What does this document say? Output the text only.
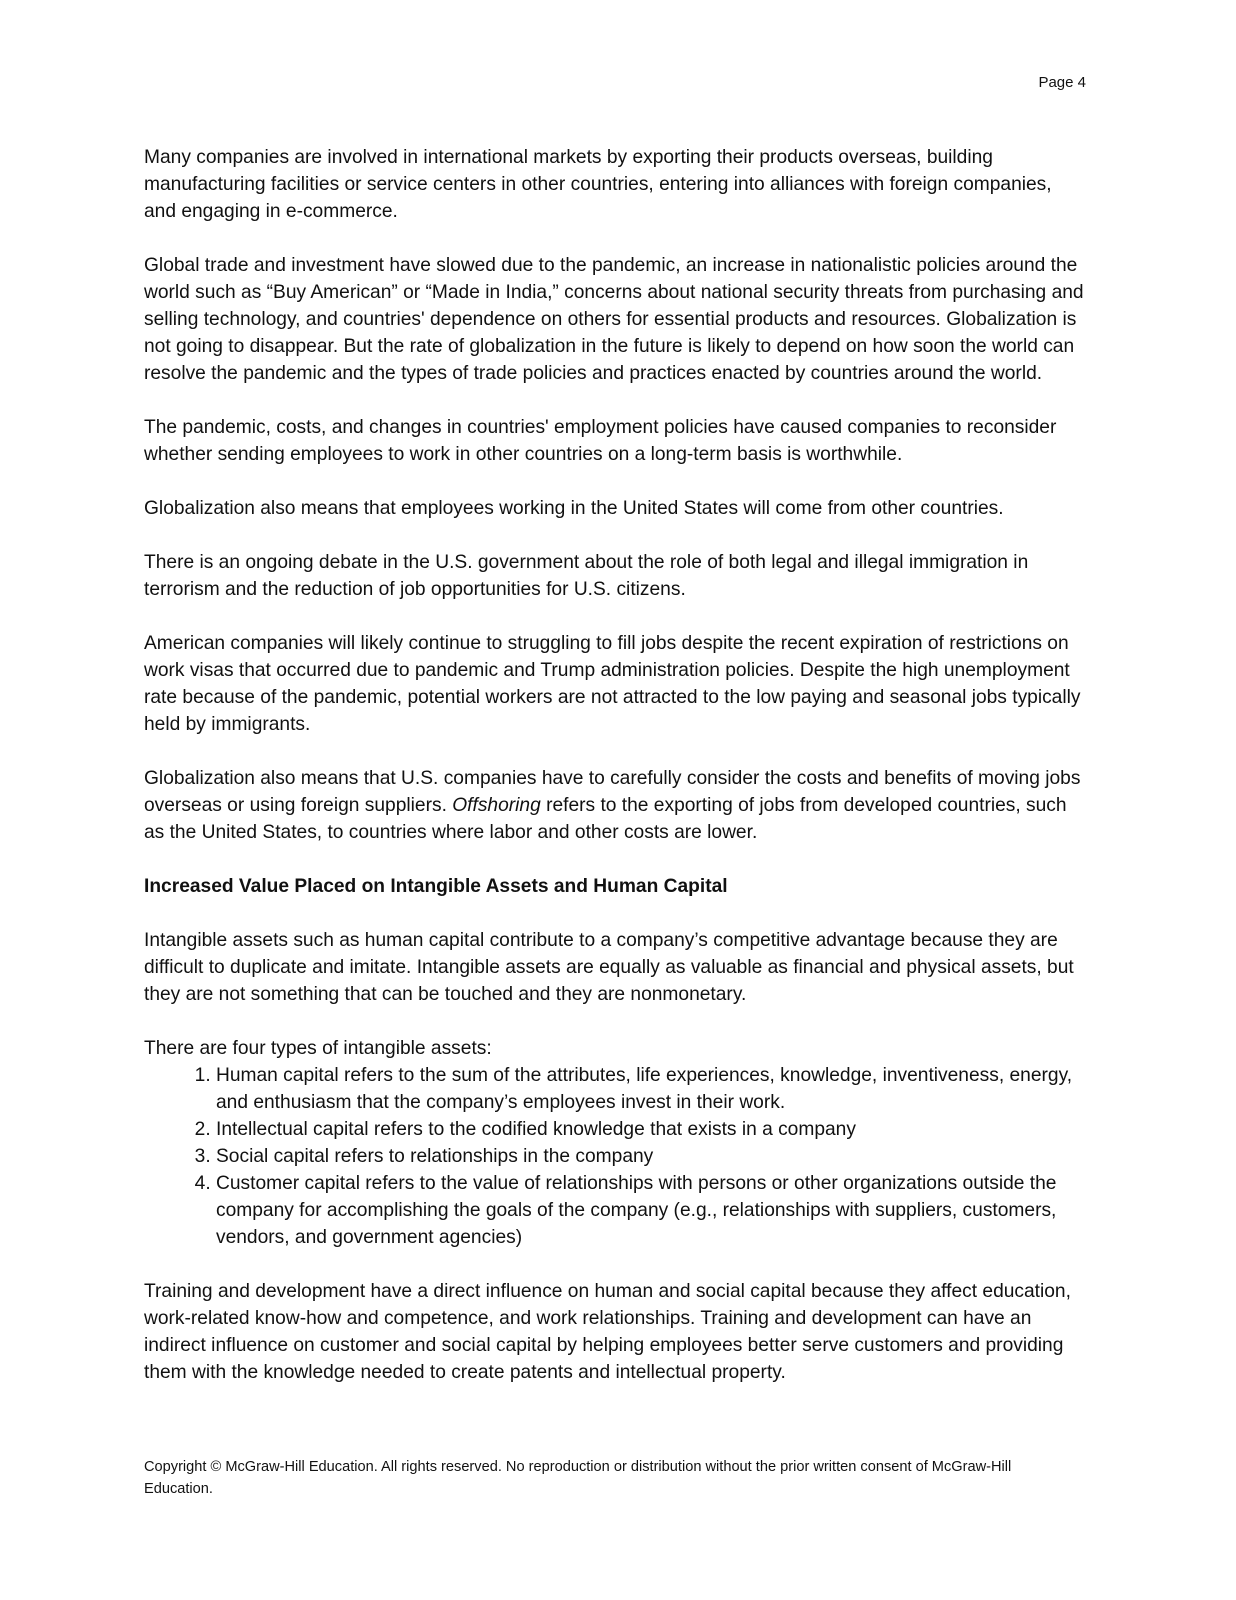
Page 4

Many companies are involved in international markets by exporting their products overseas, building manufacturing facilities or service centers in other countries, entering into alliances with foreign companies, and engaging in e-commerce.

Global trade and investment have slowed due to the pandemic, an increase in nationalistic policies around the world such as “Buy American” or “Made in India,” concerns about national security threats from purchasing and selling technology, and countries' dependence on others for essential products and resources. Globalization is not going to disappear. But the rate of globalization in the future is likely to depend on how soon the world can resolve the pandemic and the types of trade policies and practices enacted by countries around the world.

The pandemic, costs, and changes in countries' employment policies have caused companies to reconsider whether sending employees to work in other countries on a long-term basis is worthwhile.

Globalization also means that employees working in the United States will come from other countries.

There is an ongoing debate in the U.S. government about the role of both legal and illegal immigration in terrorism and the reduction of job opportunities for U.S. citizens.

American companies will likely continue to struggling to fill jobs despite the recent expiration of restrictions on work visas that occurred due to pandemic and Trump administration policies. Despite the high unemployment rate because of the pandemic, potential workers are not attracted to the low paying and seasonal jobs typically held by immigrants.

Globalization also means that U.S. companies have to carefully consider the costs and benefits of moving jobs overseas or using foreign suppliers. Offshoring refers to the exporting of jobs from developed countries, such as the United States, to countries where labor and other costs are lower.

Increased Value Placed on Intangible Assets and Human Capital

Intangible assets such as human capital contribute to a company’s competitive advantage because they are difficult to duplicate and imitate. Intangible assets are equally as valuable as financial and physical assets, but they are not something that can be touched and they are nonmonetary.

There are four types of intangible assets:

1. Human capital refers to the sum of the attributes, life experiences, knowledge, inventiveness, energy, and enthusiasm that the company’s employees invest in their work.
2. Intellectual capital refers to the codified knowledge that exists in a company
3. Social capital refers to relationships in the company
4. Customer capital refers to the value of relationships with persons or other organizations outside the company for accomplishing the goals of the company (e.g., relationships with suppliers, customers, vendors, and government agencies)

Training and development have a direct influence on human and social capital because they affect education, work-related know-how and competence, and work relationships. Training and development can have an indirect influence on customer and social capital by helping employees better serve customers and providing them with the knowledge needed to create patents and intellectual property.

Copyright © McGraw-Hill Education. All rights reserved. No reproduction or distribution without the prior written consent of McGraw-Hill Education.
